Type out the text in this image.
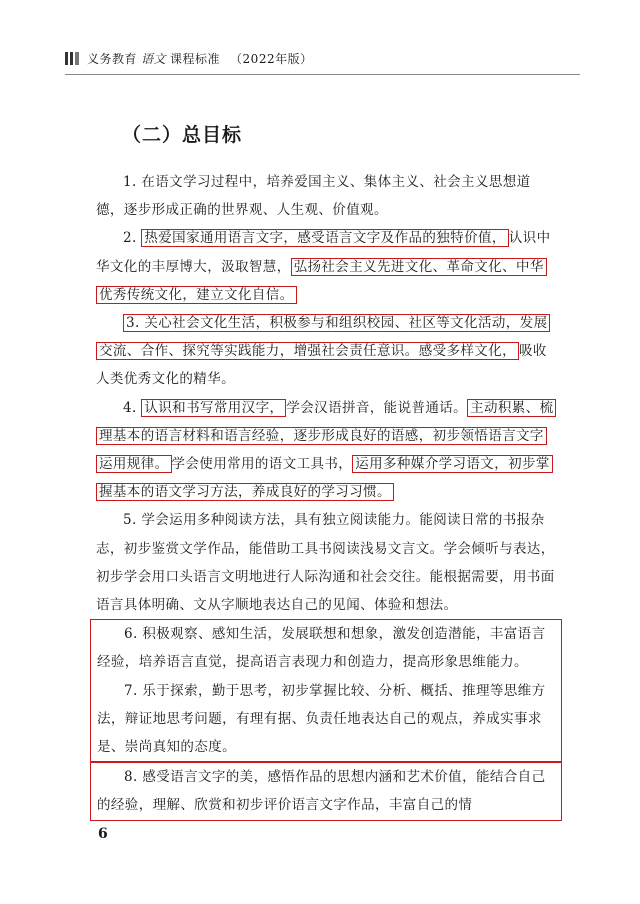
义务教育 语文 课程标准 （2022年版）
（二）总目标

1. 在语文学习过程中，培养爱国主义、集体主义、社会主义思想道德，逐步形成正确的世界观、人生观、价值观。

2. 热爱国家通用语言文字，感受语言文字及作品的独特价值， 认识中华文化的丰厚博大，汲取智慧， 弘扬社会主义先进文化、革命文化、中华优秀传统文化，建立文化自信。

3. 关心社会文化生活，积极参与和组织校园、社区等文化活动，发展交流、合作、探究等实践能力，增强社会责任意识。感受多样文化， 吸收人类优秀文化的精华。

4. 认识和书写常用汉字， 学会汉语拼音，能说普通话。 主动积累、梳理基本的语言材料和语言经验，逐步形成良好的语感，初步领悟语言文字运用规律。 学会使用常用的语文工具书， 运用多种媒介学习语文，初步掌握基本的语文学习方法，养成良好的学习习惯。

5. 学会运用多种阅读方法，具有独立阅读能力。能阅读日常的书报杂志，初步鉴赏文学作品，能借助工具书阅读浅易文言文。学会倾听与表达，初步学会用口头语言文明地进行人际沟通和社会交往。能根据需要，用书面语言具体明确、文从字顺地表达自己的见闻、体验和想法。

6. 积极观察、感知生活，发展联想和想象，激发创造潜能，丰富语言经验，培养语言直觉，提高语言表现力和创造力，提高形象思维能力。

7. 乐于探索，勤于思考，初步掌握比较、分析、概括、推理等思维方法，辩证地思考问题，有理有据、负责任地表达自己的观点，养成实事求是、崇尚真知的态度。

8. 感受语言文字的美，感悟作品的思想内涵和艺术价值，能结合自己的经验，理解、欣赏和初步评价语言文字作品，丰富自己的情

6
